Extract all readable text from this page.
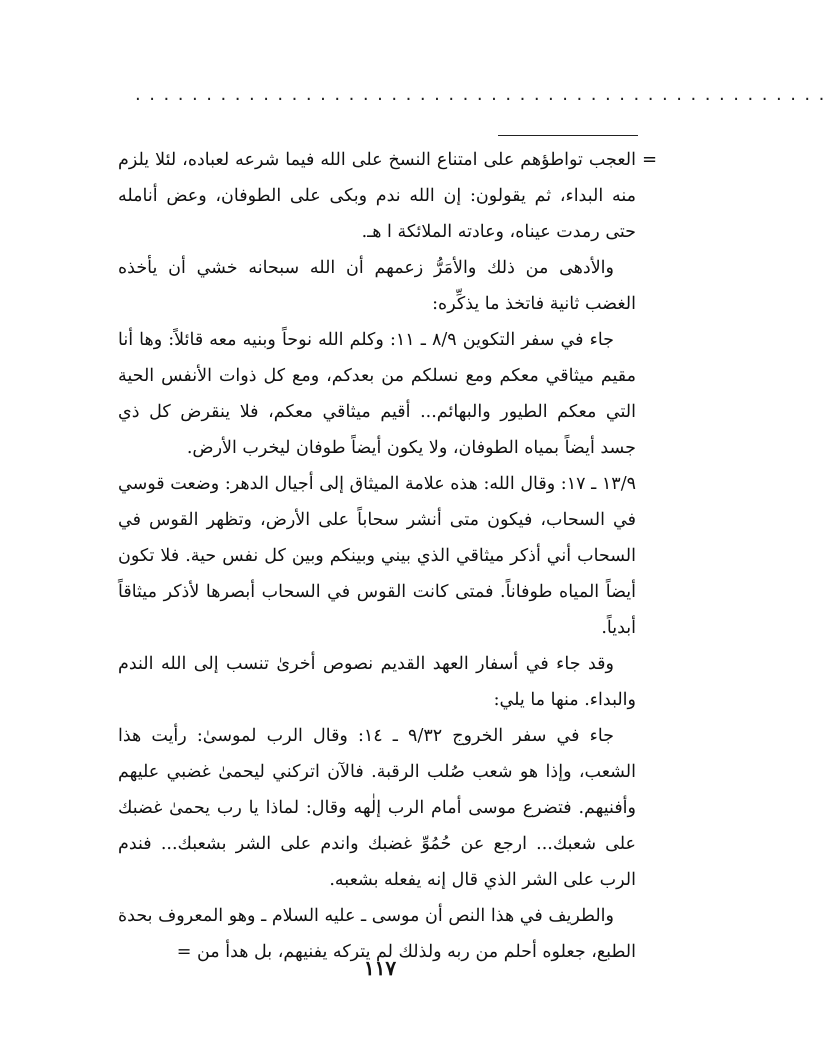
. . . . . . . . . . . . . . . . . . . . . . . . . . . . . . . . . . . . . . . . . . . . . . . . .
=

العجب تواطؤهم على امتناع النسخ على الله فيما شرعه لعباده، لئلا يلزم منه البداء، ثم يقولون: إن الله ندم وبكى على الطوفان، وعض أنامله حتى رمدت عيناه، وعادته الملائكة ا هـ.

والأدهى من ذلك والأمَرُّ زعمهم أن الله سبحانه خشي أن يأخذه الغضب ثانية فاتخذ ما يذكِّره:

جاء في سفر التكوين ٨/٩ ـ ١١: وكلم الله نوحاً وبنيه معه قائلاً: وها أنا مقيم ميثاقي معكم ومع نسلكم من بعدكم، ومع كل ذوات الأنفس الحية التي معكم الطيور والبهائم... أقيم ميثاقي معكم، فلا ينقرض كل ذي جسد أيضاً بمياه الطوفان، ولا يكون أيضاً طوفان ليخرب الأرض.

١٣/٩ ـ ١٧: وقال الله: هذه علامة الميثاق إلى أجيال الدهر: وضعت قوسي في السحاب، فيكون متى أنشر سحاباً على الأرض، وتظهر القوس في السحاب أني أذكر ميثاقي الذي بيني وبينكم وبين كل نفس حية. فلا تكون أيضاً المياه طوفاناً. فمتى كانت القوس في السحاب أبصرها لأذكر ميثاقاً أبدياً.

وقد جاء في أسفار العهد القديم نصوص أخرىٰ تنسب إلى الله الندم والبداء. منها ما يلي:

جاء في سفر الخروج ٩/٣٢ ـ ١٤: وقال الرب لموسىٰ: رأيت هذا الشعب، وإذا هو شعب صُلب الرقبة. فالآن اتركني ليحمىٰ غضبي عليهم وأفنيهم. فتضرع موسى أمام الرب إلٰهه وقال: لماذا يا رب يحمىٰ غضبك على شعبك... ارجع عن حُمُوِّ غضبك واندم على الشر بشعبك... فندم الرب على الشر الذي قال إنه يفعله بشعبه.

والطريف في هذا النص أن موسى ـ عليه السلام ـ وهو المعروف بحدة الطبع، جعلوه أحلم من ربه ولذلك لم يتركه يفنيهم، بل هدأ من =

١١٧
